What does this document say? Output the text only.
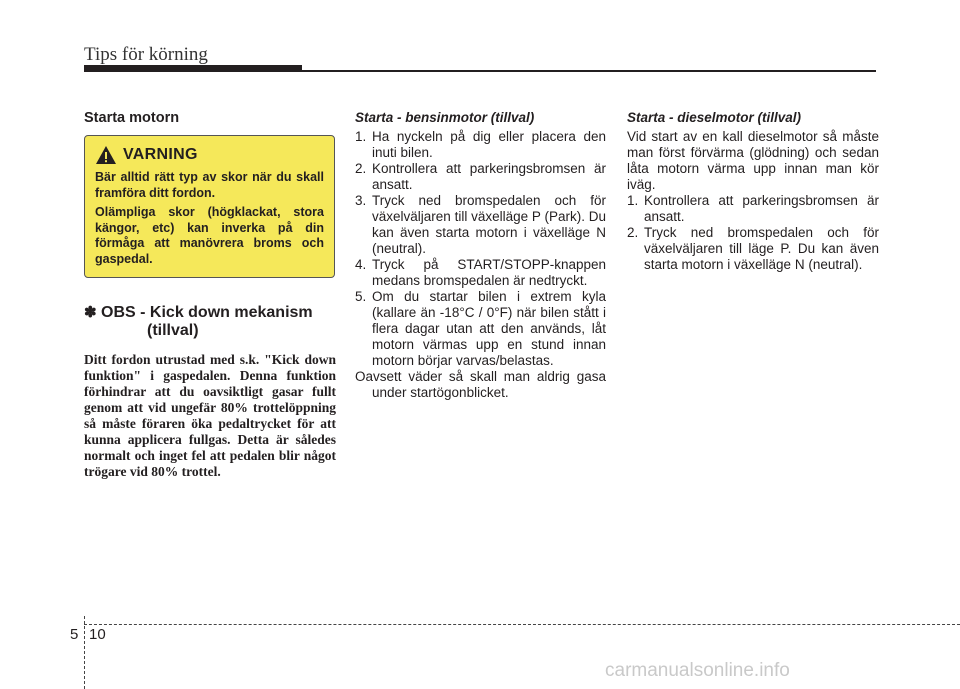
Tips för körning

Starta motorn

VARNING

Bär alltid rätt typ av skor när du skall framföra ditt fordon.

Olämpliga skor (högklackat, stora kängor, etc) kan inverka på din förmåga att manövrera broms och gaspedal.

✽ OBS - Kick down mekanism
(tillval)

Ditt fordon utrustad med s.k. "Kick down funktion" i gaspedalen. Denna funktion förhindrar att du oavsiktligt gasar fullt genom att vid ungefär 80% trottelöppning så måste föraren öka pedaltrycket för att kunna applicera fullgas. Detta är således normalt och inget fel att pedalen blir något trögare vid 80% trottel.

Starta - bensinmotor (tillval)

1. Ha nyckeln på dig eller placera den inuti bilen.
2. Kontrollera att parkeringsbromsen är ansatt.
3. Tryck ned bromspedalen och för växelväljaren till växelläge P (Park). Du kan även starta motorn i växelläge N (neutral).
4. Tryck på START/STOPP-knappen medans bromspedalen är nedtryckt.
5. Om du startar bilen i extrem kyla (kallare än -18°C / 0°F) när bilen stått i flera dagar utan att den används, låt motorn värmas upp en stund innan motorn börjar varvas/belastas.

Oavsett väder så skall man aldrig gasa under startögonblicket.

Starta - dieselmotor (tillval)

Vid start av en kall dieselmotor så måste man först förvärma (glödning) och sedan låta motorn värma upp innan man kör iväg.

1. Kontrollera att parkeringsbromsen är ansatt.
2. Tryck ned bromspedalen och för växelväljaren till läge P. Du kan även starta motorn i växelläge N (neutral).
5 10
carmanualsonline.info
